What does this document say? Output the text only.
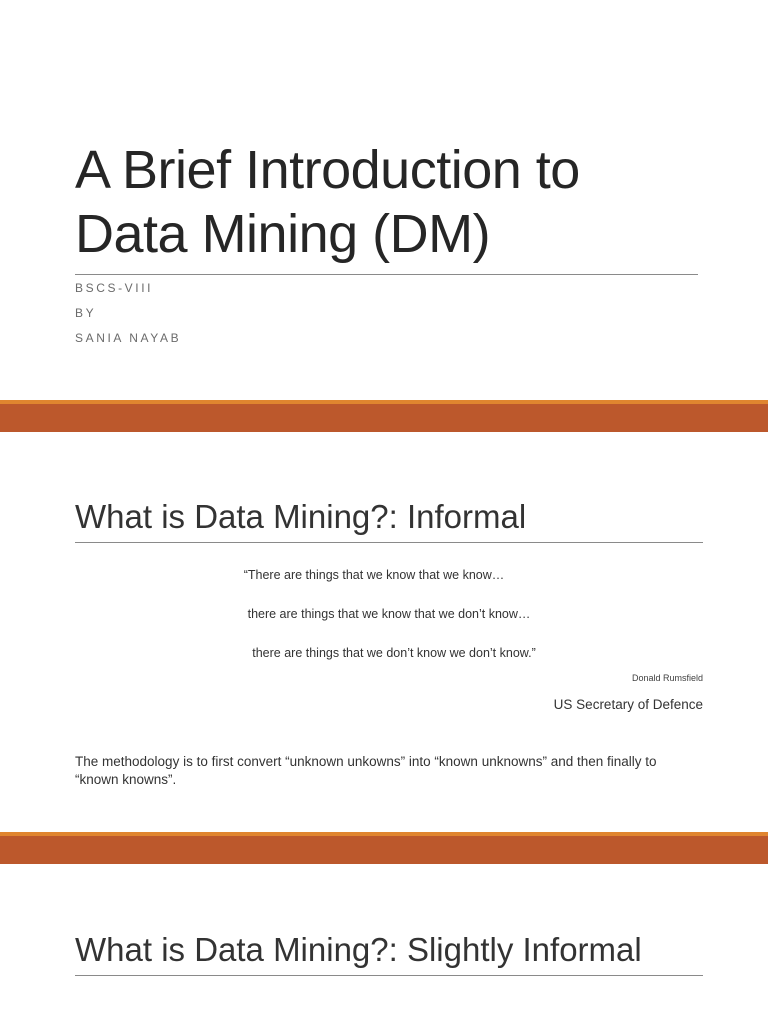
A Brief Introduction to
Data Mining (DM)
BSCS-VIII
BY
SANIA NAYAB
What is Data Mining?: Informal
“There are things that we know that we know…
there are things that we know that we don’t know…
there are things that we don’t know we don’t know.”
Donald Rumsfield
US Secretary of Defence
The methodology is to first convert “unknown unkowns” into “known unknowns” and then finally to “known knowns”.
What is Data Mining?: Slightly Informal
